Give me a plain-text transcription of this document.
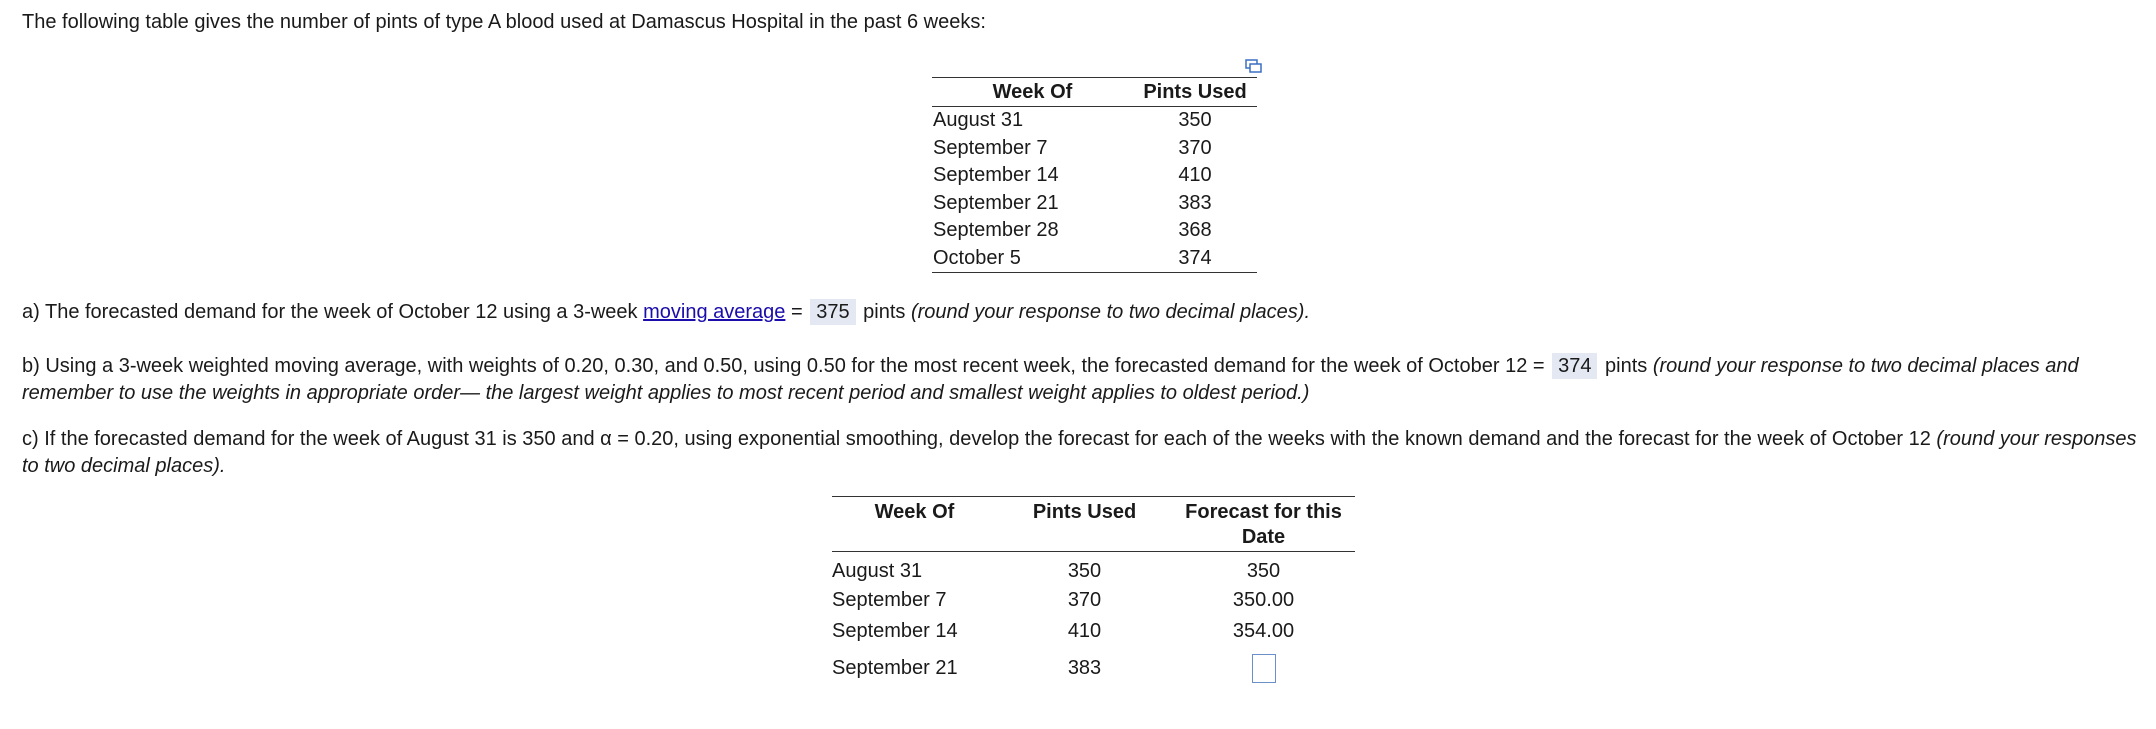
The following table gives the number of pints of type A blood used at Damascus Hospital in the past 6 weeks:
Week Of	Pints Used
August 31	350
September 7	370
September 14	410
September 21	383
September 28	368
October 5	374
a) The forecasted demand for the week of October 12 using a 3-week moving average = 375 pints (round your response to two decimal places).
b) Using a 3-week weighted moving average, with weights of 0.20, 0.30, and 0.50, using 0.50 for the most recent week, the forecasted demand for the week of October 12 = 374 pints (round your response to two decimal places and remember to use the weights in appropriate order— the largest weight applies to most recent period and smallest weight applies to oldest period.)
c) If the forecasted demand for the week of August 31 is 350 and α = 0.20, using exponential smoothing, develop the forecast for each of the weeks with the known demand and the forecast for the week of October 12 (round your responses to two decimal places).
Week Of	Pints Used	Forecast for this Date
August 31	350	350
September 7	370	350.00
September 14	410	354.00
September 21	383	
